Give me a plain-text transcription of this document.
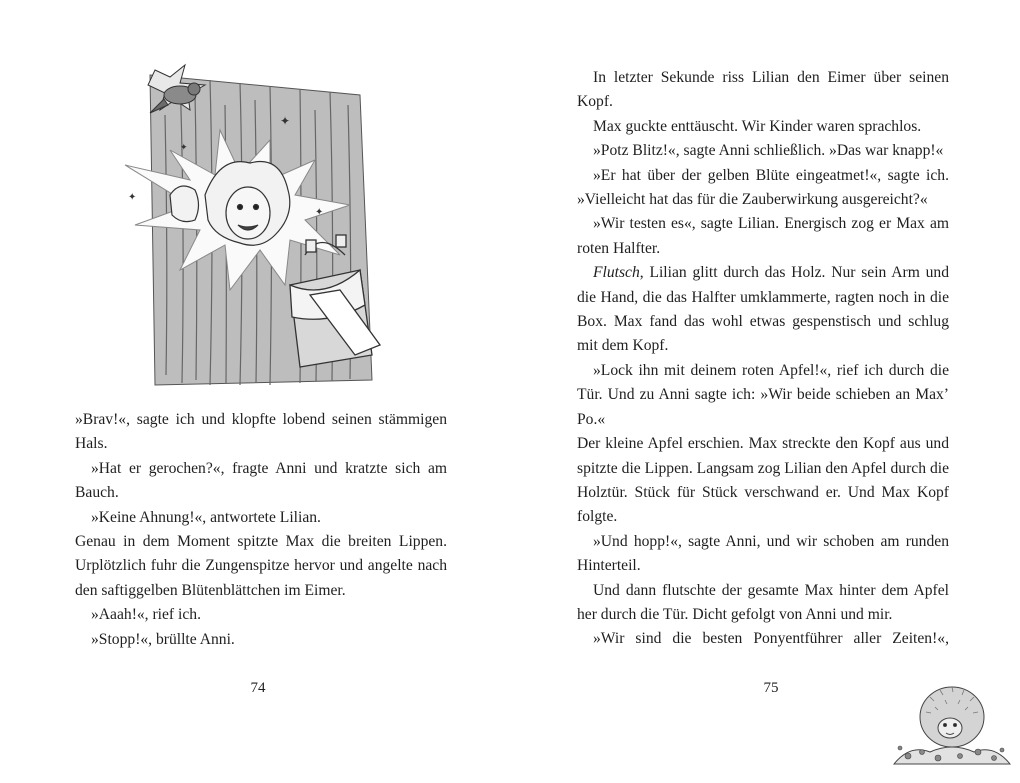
✦
✦
✦
✦

»Brav!«, sagte ich und klopfte lobend seinen stämmigen Hals.

»Hat er gerochen?«, fragte Anni und kratzte sich am Bauch.

»Keine Ahnung!«, antwortete Lilian.

Genau in dem Moment spitzte Max die breiten Lippen. Urplötzlich fuhr die Zungenspitze hervor und angelte nach den saftiggelben Blütenblättchen im Eimer.

»Aaah!«, rief ich.

»Stopp!«, brüllte Anni.

74

In letzter Sekunde riss Lilian den Eimer über seinen Kopf.

Max guckte enttäuscht. Wir Kinder waren sprachlos.

»Potz Blitz!«, sagte Anni schließlich. »Das war knapp!«

»Er hat über der gelben Blüte eingeatmet!«, sagte ich. »Vielleicht hat das für die Zauberwirkung ausgereicht?«

»Wir testen es«, sagte Lilian. Energisch zog er Max am roten Halfter.

Flutsch, Lilian glitt durch das Holz. Nur sein Arm und die Hand, die das Halfter umklammerte, ragten noch in die Box. Max fand das wohl etwas gespenstisch und schlug mit dem Kopf.

»Lock ihn mit deinem roten Apfel!«, rief ich durch die Tür. Und zu Anni sagte ich: »Wir beide schieben an Max’ Po.«

Der kleine Apfel erschien. Max streckte den Kopf aus und spitzte die Lippen. Langsam zog Lilian den Apfel durch die Holztür. Stück für Stück verschwand er. Und Max Kopf folgte.

»Und hopp!«, sagte Anni, und wir schoben am runden Hinterteil.

Und dann flutschte der gesamte Max hinter dem Apfel her durch die Tür. Dicht gefolgt von Anni und mir.

»Wir sind die besten Ponyentführer aller Zeiten!«,

75
